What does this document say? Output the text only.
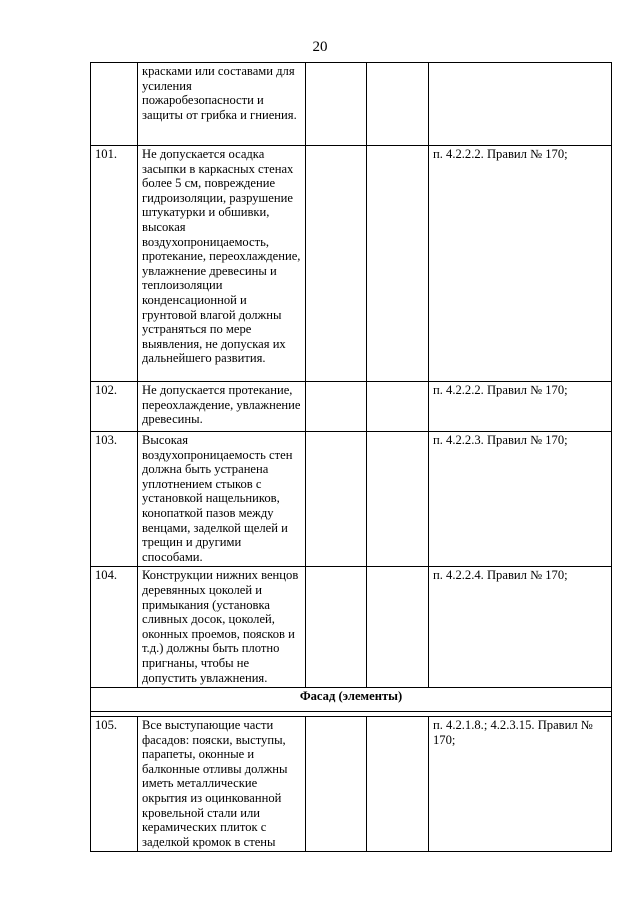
20
	красками или составами для усиления пожаробезопасности и защиты от грибка и гниения.			
101.	Не допускается осадка засыпки в каркасных стенах более 5 см, повреждение гидроизоляции, разрушение штукатурки и обшивки, высокая воздухопроницаемость, протекание, переохлаждение, увлажнение древесины и теплоизоляции конденсационной и грунтовой влагой должны устраняться по мере выявления, не допуская их дальнейшего развития.			п. 4.2.2.2. Правил № 170;
102.	Не допускается протекание, переохлаждение, увлажнение древесины.			п. 4.2.2.2. Правил № 170;
103.	Высокая воздухопроницаемость стен должна быть устранена уплотнением стыков с установкой нащельников, конопаткой пазов между венцами, заделкой щелей и трещин и другими способами.			п. 4.2.2.3. Правил № 170;
104.	Конструкции нижних венцов деревянных цоколей и примыкания (установка сливных досок, цоколей, оконных проемов, поясков и т.д.) должны быть плотно пригнаны, чтобы не допустить увлажнения.			п. 4.2.2.4. Правил № 170;
Фасад (элементы)				

105.	Все выступающие части фасадов: пояски, выступы, парапеты, оконные и балконные отливы должны иметь металлические окрытия из оцинкованной кровельной стали или керамических плиток с заделкой кромок в стены			п. 4.2.1.8.; 4.2.3.15. Правил № 170;
